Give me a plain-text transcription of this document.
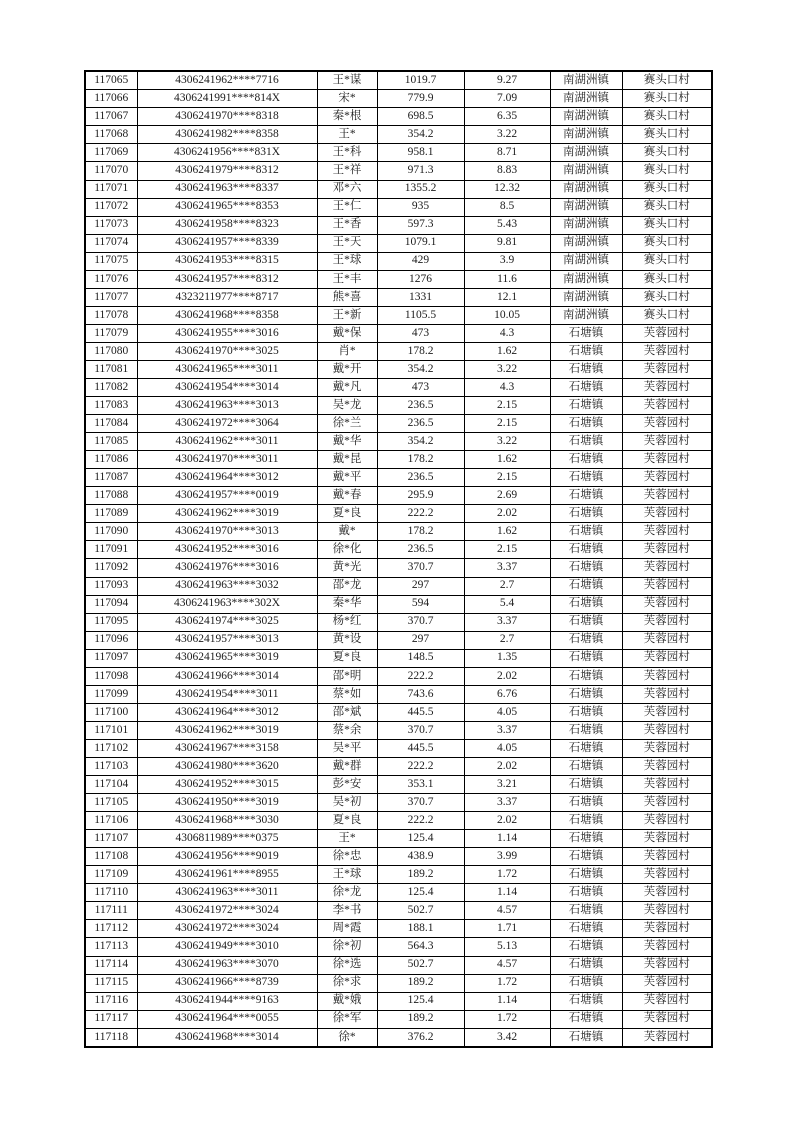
117065	4306241962****7716	王*谋	1019.7	9.27	南湖洲镇	赛头口村
117066	4306241991****814X	宋*	779.9	7.09	南湖洲镇	赛头口村
117067	4306241970****8318	秦*根	698.5	6.35	南湖洲镇	赛头口村
117068	4306241982****8358	王*	354.2	3.22	南湖洲镇	赛头口村
117069	4306241956****831X	王*科	958.1	8.71	南湖洲镇	赛头口村
117070	4306241979****8312	王*祥	971.3	8.83	南湖洲镇	赛头口村
117071	4306241963****8337	邓*六	1355.2	12.32	南湖洲镇	赛头口村
117072	4306241965****8353	王*仁	935	8.5	南湖洲镇	赛头口村
117073	4306241958****8323	王*香	597.3	5.43	南湖洲镇	赛头口村
117074	4306241957****8339	王*天	1079.1	9.81	南湖洲镇	赛头口村
117075	4306241953****8315	王*球	429	3.9	南湖洲镇	赛头口村
117076	4306241957****8312	王*丰	1276	11.6	南湖洲镇	赛头口村
117077	4323211977****8717	熊*喜	1331	12.1	南湖洲镇	赛头口村
117078	4306241968****8358	王*新	1105.5	10.05	南湖洲镇	赛头口村
117079	4306241955****3016	戴*保	473	4.3	石塘镇	芙蓉园村
117080	4306241970****3025	肖*	178.2	1.62	石塘镇	芙蓉园村
117081	4306241965****3011	戴*开	354.2	3.22	石塘镇	芙蓉园村
117082	4306241954****3014	戴*凡	473	4.3	石塘镇	芙蓉园村
117083	4306241963****3013	吴*龙	236.5	2.15	石塘镇	芙蓉园村
117084	4306241972****3064	徐*兰	236.5	2.15	石塘镇	芙蓉园村
117085	4306241962****3011	戴*华	354.2	3.22	石塘镇	芙蓉园村
117086	4306241970****3011	戴*昆	178.2	1.62	石塘镇	芙蓉园村
117087	4306241964****3012	戴*平	236.5	2.15	石塘镇	芙蓉园村
117088	4306241957****0019	戴*春	295.9	2.69	石塘镇	芙蓉园村
117089	4306241962****3019	夏*良	222.2	2.02	石塘镇	芙蓉园村
117090	4306241970****3013	戴*	178.2	1.62	石塘镇	芙蓉园村
117091	4306241952****3016	徐*化	236.5	2.15	石塘镇	芙蓉园村
117092	4306241976****3016	黄*光	370.7	3.37	石塘镇	芙蓉园村
117093	4306241963****3032	邵*龙	297	2.7	石塘镇	芙蓉园村
117094	4306241963****302X	秦*华	594	5.4	石塘镇	芙蓉园村
117095	4306241974****3025	杨*红	370.7	3.37	石塘镇	芙蓉园村
117096	4306241957****3013	黄*设	297	2.7	石塘镇	芙蓉园村
117097	4306241965****3019	夏*良	148.5	1.35	石塘镇	芙蓉园村
117098	4306241966****3014	邵*明	222.2	2.02	石塘镇	芙蓉园村
117099	4306241954****3011	蔡*如	743.6	6.76	石塘镇	芙蓉园村
117100	4306241964****3012	邵*斌	445.5	4.05	石塘镇	芙蓉园村
117101	4306241962****3019	蔡*余	370.7	3.37	石塘镇	芙蓉园村
117102	4306241967****3158	吴*平	445.5	4.05	石塘镇	芙蓉园村
117103	4306241980****3620	戴*群	222.2	2.02	石塘镇	芙蓉园村
117104	4306241952****3015	彭*安	353.1	3.21	石塘镇	芙蓉园村
117105	4306241950****3019	吴*初	370.7	3.37	石塘镇	芙蓉园村
117106	4306241968****3030	夏*良	222.2	2.02	石塘镇	芙蓉园村
117107	4306811989****0375	王*	125.4	1.14	石塘镇	芙蓉园村
117108	4306241956****9019	徐*忠	438.9	3.99	石塘镇	芙蓉园村
117109	4306241961****8955	王*球	189.2	1.72	石塘镇	芙蓉园村
117110	4306241963****3011	徐*龙	125.4	1.14	石塘镇	芙蓉园村
117111	4306241972****3024	李*书	502.7	4.57	石塘镇	芙蓉园村
117112	4306241972****3024	周*霞	188.1	1.71	石塘镇	芙蓉园村
117113	4306241949****3010	徐*初	564.3	5.13	石塘镇	芙蓉园村
117114	4306241963****3070	徐*选	502.7	4.57	石塘镇	芙蓉园村
117115	4306241966****8739	徐*求	189.2	1.72	石塘镇	芙蓉园村
117116	4306241944****9163	戴*娥	125.4	1.14	石塘镇	芙蓉园村
117117	4306241964****0055	徐*军	189.2	1.72	石塘镇	芙蓉园村
117118	4306241968****3014	徐*	376.2	3.42	石塘镇	芙蓉园村
